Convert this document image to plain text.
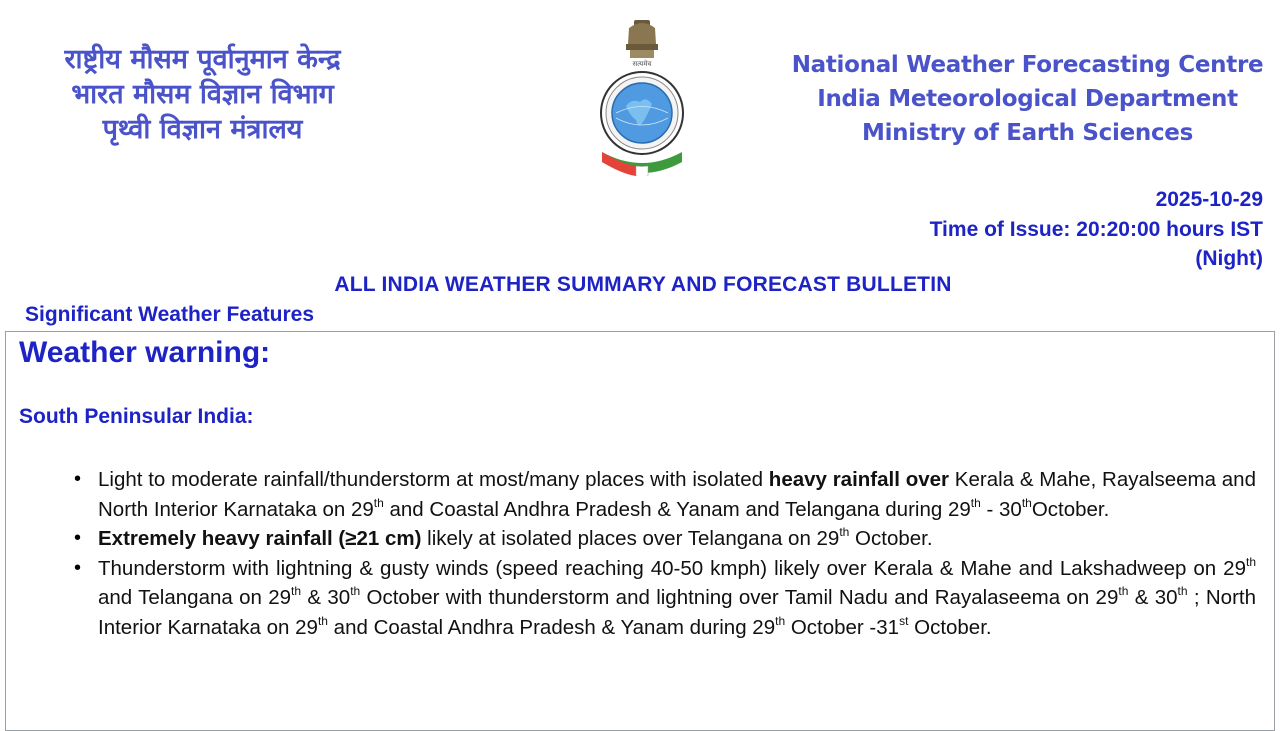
राष्ट्रीय मौसम पूर्वानुमान केन्द्र
भारत मौसम विज्ञान विभाग
पृथ्वी विज्ञान मंत्रालय
सत्यमेव	National Weather Forecasting Centre
India Meteorological Department
Ministry of Earth Sciences
2025-10-29
Time of Issue: 20:20:00 hours IST
(Night)
ALL INDIA WEATHER SUMMARY AND FORECAST BULLETIN
Significant Weather Features
Weather warning:
South Peninsular India:
• Light to moderate rainfall/thunderstorm at most/many places with isolated heavy rainfall over Kerala & Mahe, Rayalseema and North Interior Karnataka on 29th and Coastal Andhra Pradesh & Yanam and Telangana during 29th - 30thOctober.
• Extremely heavy rainfall (≥21 cm) likely at isolated places over Telangana on 29th October.
• Thunderstorm with lightning & gusty winds (speed reaching 40-50 kmph) likely over Kerala & Mahe and Lakshadweep on 29th and Telangana on 29th & 30th October with thunderstorm and lightning over Tamil Nadu and Rayalaseema on 29th & 30th ; North Interior Karnataka on 29th and Coastal Andhra Pradesh & Yanam during 29th October -31st October.
